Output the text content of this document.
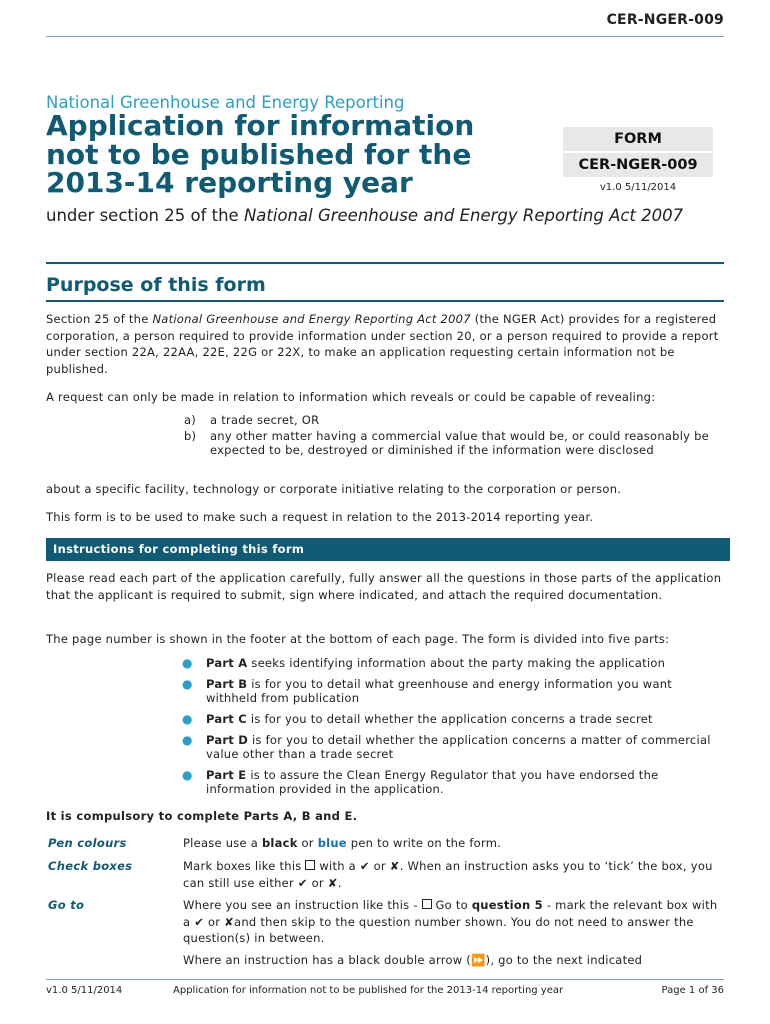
CER-NGER-009
National Greenhouse and Energy Reporting
Application for information not to be published for the 2013-14 reporting year
FORM
CER-NGER-009
v1.0 5/11/2014
under section 25 of the National Greenhouse and Energy Reporting Act 2007
Purpose of this form

Section 25 of the National Greenhouse and Energy Reporting Act 2007 (the NGER Act) provides for a registered corporation, a person required to provide information under section 20, or a person required to provide a report under section 22A, 22AA, 22E, 22G or 22X, to make an application requesting certain information not be published.

A request can only be made in relation to information which reveals or could be capable of revealing:

a)	a trade secret, OR
b)	any other matter having a commercial value that would be, or could reasonably be expected to be, destroyed or diminished if the information were disclosed

about a specific facility, technology or corporate initiative relating to the corporation or person.

This form is to be used to make such a request in relation to the 2013-2014 reporting year.

Instructions for completing this form

Please read each part of the application carefully, fully answer all the questions in those parts of the application that the applicant is required to submit, sign where indicated, and attach the required documentation.

The page number is shown in the footer at the bottom of each page. The form is divided into five parts:

●	Part A seeks identifying information about the party making the application
●	Part B is for you to detail what greenhouse and energy information you want withheld from publication
●	Part C is for you to detail whether the application concerns a trade secret
●	Part D is for you to detail whether the application concerns a matter of commercial value other than a trade secret
●	Part E is to assure the Clean Energy Regulator that you have endorsed the information provided in the application.
It is compulsory to complete Parts A, B and E.
Pen colours	Please use a black or blue pen to write on the form.
Check boxes	Mark boxes like this  with a ✔ or ✘. When an instruction asks you to ‘tick’ the box, you can still use either ✔ or ✘.
Go to	Where you see an instruction like this -  Go to question 5 - mark the relevant box with a ✔ or ✘and then skip to the question number shown. You do not need to answer the question(s) in between.
Where an instruction has a black double arrow (⏩), go to the next indicated
v1.0 5/11/2014	Application for information not to be published for the 2013-14 reporting year	Page 1 of 36
